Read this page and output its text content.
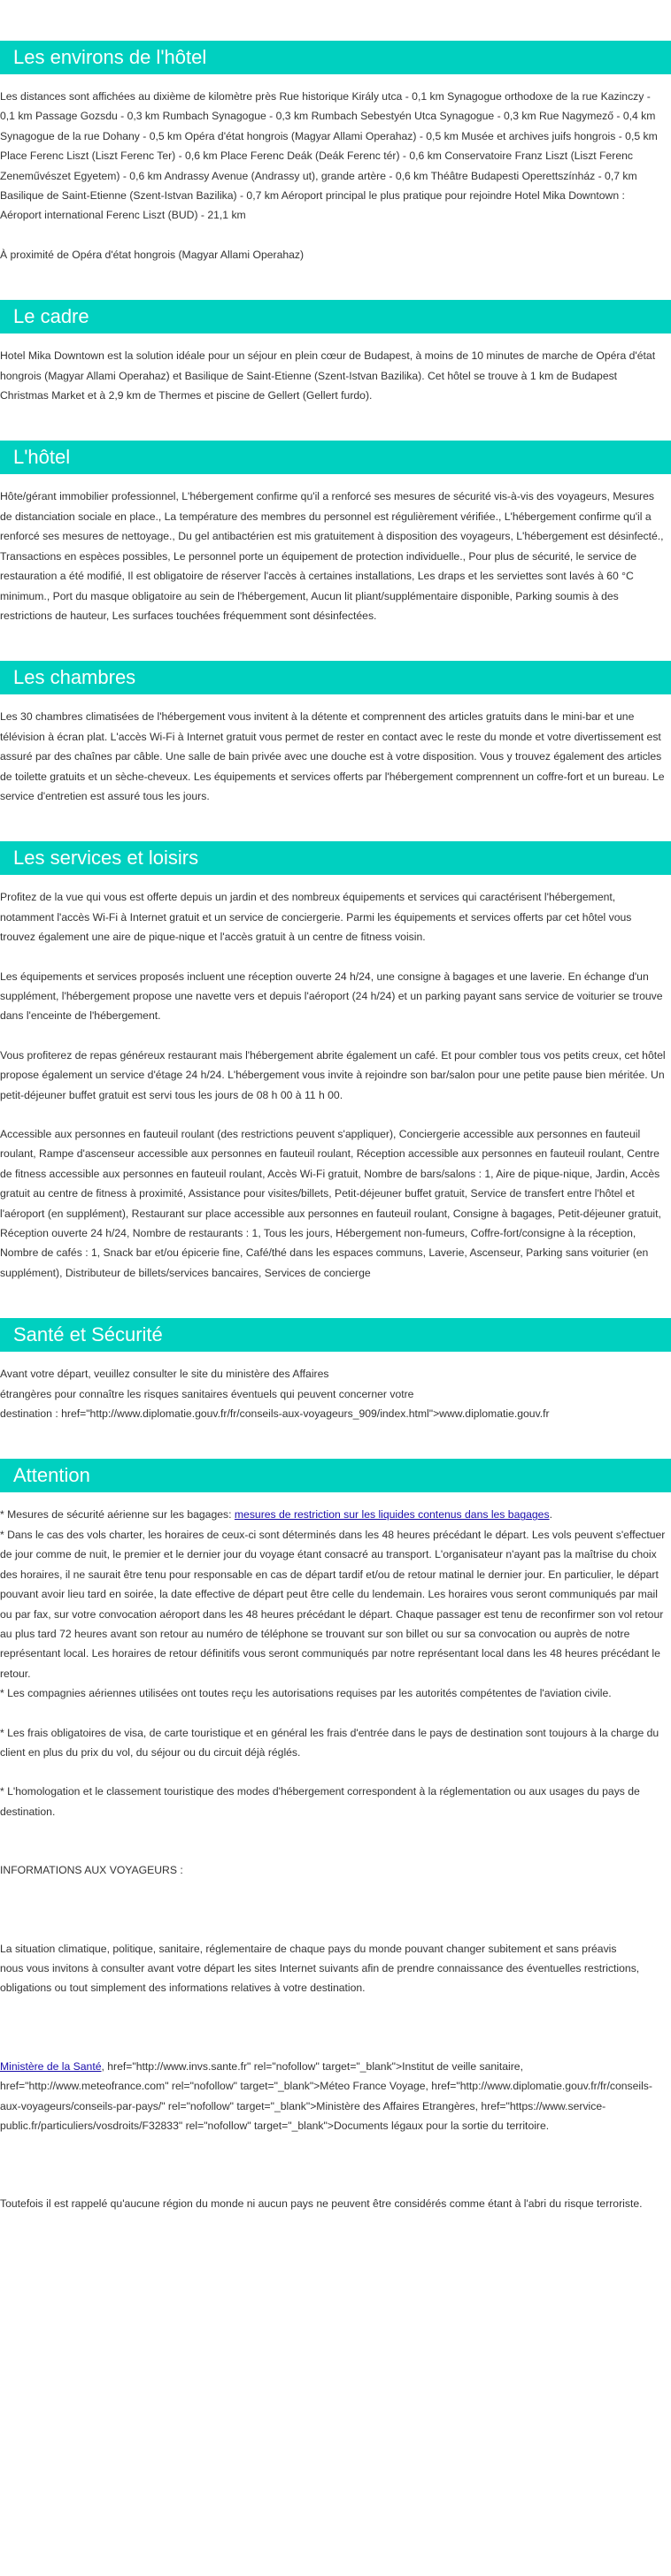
Les environs de l'hôtel

Les distances sont affichées au dixième de kilomètre près Rue historique Király utca - 0,1 km Synagogue orthodoxe de la rue Kazinczy - 0,1 km Passage Gozsdu - 0,3 km Rumbach Synagogue - 0,3 km Rumbach Sebestyén Utca Synagogue - 0,3 km Rue Nagymező - 0,4 km Synagogue de la rue Dohany - 0,5 km Opéra d'état hongrois (Magyar Allami Operahaz) - 0,5 km Musée et archives juifs hongrois - 0,5 km Place Ferenc Liszt (Liszt Ferenc Ter) - 0,6 km Place Ferenc Deák (Deák Ferenc tér) - 0,6 km Conservatoire Franz Liszt (Liszt Ferenc Zeneművészet Egyetem) - 0,6 km Andrassy Avenue (Andrassy ut), grande artère - 0,6 km Théâtre Budapesti Operettszínház - 0,7 km Basilique de Saint-Etienne (Szent-Istvan Bazilika) - 0,7 km Aéroport principal le plus pratique pour rejoindre Hotel Mika Downtown : Aéroport international Ferenc Liszt (BUD) - 21,1 km

À proximité de Opéra d'état hongrois (Magyar Allami Operahaz)

Le cadre

Hotel Mika Downtown est la solution idéale pour un séjour en plein cœur de Budapest, à moins de 10 minutes de marche de Opéra d'état hongrois (Magyar Allami Operahaz) et Basilique de Saint-Etienne (Szent-Istvan Bazilika). Cet hôtel se trouve à 1 km de Budapest Christmas Market et à 2,9 km de Thermes et piscine de Gellert (Gellert furdo).

L'hôtel

Hôte/gérant immobilier professionnel, L'hébergement confirme qu'il a renforcé ses mesures de sécurité vis-à-vis des voyageurs, Mesures de distanciation sociale en place., La température des membres du personnel est régulièrement vérifiée., L'hébergement confirme qu'il a renforcé ses mesures de nettoyage., Du gel antibactérien est mis gratuitement à disposition des voyageurs, L'hébergement est désinfecté., Transactions en espèces possibles, Le personnel porte un équipement de protection individuelle., Pour plus de sécurité, le service de restauration a été modifié, Il est obligatoire de réserver l'accès à certaines installations, Les draps et les serviettes sont lavés à 60 °C minimum., Port du masque obligatoire au sein de l'hébergement, Aucun lit pliant/supplémentaire disponible, Parking soumis à des restrictions de hauteur, Les surfaces touchées fréquemment sont désinfectées.

Les chambres

Les 30 chambres climatisées de l'hébergement vous invitent à la détente et comprennent des articles gratuits dans le mini-bar et une télévision à écran plat. L'accès Wi-Fi à Internet gratuit vous permet de rester en contact avec le reste du monde et votre divertissement est assuré par des chaînes par câble. Une salle de bain privée avec une douche est à votre disposition. Vous y trouvez également des articles de toilette gratuits et un sèche-cheveux. Les équipements et services offerts par l'hébergement comprennent un coffre-fort et un bureau. Le service d'entretien est assuré tous les jours.

Les services et loisirs

Profitez de la vue qui vous est offerte depuis un jardin et des nombreux équipements et services qui caractérisent l'hébergement, notamment l'accès Wi-Fi à Internet gratuit et un service de conciergerie. Parmi les équipements et services offerts par cet hôtel vous trouvez également une aire de pique-nique et l'accès gratuit à un centre de fitness voisin.

Les équipements et services proposés incluent une réception ouverte 24 h/24, une consigne à bagages et une laverie. En échange d'un supplément, l'hébergement propose une navette vers et depuis l'aéroport (24 h/24) et un parking payant sans service de voiturier se trouve dans l'enceinte de l'hébergement.

Vous profiterez de repas généreux restaurant mais l'hébergement abrite également un café. Et pour combler tous vos petits creux, cet hôtel propose également un service d'étage 24 h/24. L'hébergement vous invite à rejoindre son bar/salon pour une petite pause bien méritée. Un petit-déjeuner buffet gratuit est servi tous les jours de 08 h 00 à 11 h 00.

Accessible aux personnes en fauteuil roulant (des restrictions peuvent s'appliquer), Conciergerie accessible aux personnes en fauteuil roulant, Rampe d'ascenseur accessible aux personnes en fauteuil roulant, Réception accessible aux personnes en fauteuil roulant, Centre de fitness accessible aux personnes en fauteuil roulant, Accès Wi-Fi gratuit, Nombre de bars/salons : 1, Aire de pique-nique, Jardin, Accès gratuit au centre de fitness à proximité, Assistance pour visites/billets, Petit-déjeuner buffet gratuit, Service de transfert entre l'hôtel et l'aéroport (en supplément), Restaurant sur place accessible aux personnes en fauteuil roulant, Consigne à bagages, Petit-déjeuner gratuit, Réception ouverte 24 h/24, Nombre de restaurants : 1, Tous les jours, Hébergement non-fumeurs, Coffre-fort/consigne à la réception, Nombre de cafés : 1, Snack bar et/ou épicerie fine, Café/thé dans les espaces communs, Laverie, Ascenseur, Parking sans voiturier (en supplément), Distributeur de billets/services bancaires, Services de concierge

Santé et Sécurité

Avant votre départ, veuillez consulter le site du ministère des Affaires

étrangères pour connaître les risques sanitaires éventuels qui peuvent concerner votre

destination : href="http://www.diplomatie.gouv.fr/fr/conseils-aux-voyageurs_909/index.html">www.diplomatie.gouv.fr

Attention

* Mesures de sécurité aérienne sur les bagages: mesures de restriction sur les liquides contenus dans les bagages.

* Dans le cas des vols charter, les horaires de ceux-ci sont déterminés dans les 48 heures précédant le départ. Les vols peuvent s'effectuer de jour comme de nuit, le premier et le dernier jour du voyage étant consacré au transport. L'organisateur n'ayant pas la maîtrise du choix des horaires, il ne saurait être tenu pour responsable en cas de départ tardif et/ou de retour matinal le dernier jour. En particulier, le départ pouvant avoir lieu tard en soirée, la date effective de départ peut être celle du lendemain. Les horaires vous seront communiqués par mail ou par fax, sur votre convocation aéroport dans les 48 heures précédant le départ. Chaque passager est tenu de reconfirmer son vol retour au plus tard 72 heures avant son retour au numéro de téléphone se trouvant sur son billet ou sur sa convocation ou auprès de notre représentant local. Les horaires de retour définitifs vous seront communiqués par notre représentant local dans les 48 heures précédant le retour.

* Les compagnies aériennes utilisées ont toutes reçu les autorisations requises par les autorités compétentes de l'aviation civile.

* Les frais obligatoires de visa, de carte touristique et en général les frais d'entrée dans le pays de destination sont toujours à la charge du client en plus du prix du vol, du séjour ou du circuit déjà réglés.

* L'homologation et le classement touristique des modes d'hébergement correspondent à la réglementation ou aux usages du pays de destination.

INFORMATIONS AUX VOYAGEURS :

La situation climatique, politique, sanitaire, réglementaire de chaque pays du monde pouvant changer subitement et sans préavis

nous vous invitons à consulter avant votre départ les sites Internet suivants afin de prendre connaissance des éventuelles restrictions, obligations ou tout simplement des informations relatives à votre destination.

Ministère de la Santé, href="http://www.invs.sante.fr" rel="nofollow" target="_blank">Institut de veille sanitaire, href="http://www.meteofrance.com" rel="nofollow" target="_blank">Méteo France Voyage, href="http://www.diplomatie.gouv.fr/fr/conseils-aux-voyageurs/conseils-par-pays/" rel="nofollow" target="_blank">Ministère des Affaires Etrangères, href="https://www.service-public.fr/particuliers/vosdroits/F32833" rel="nofollow" target="_blank">Documents légaux pour la sortie du territoire.

Toutefois il est rappelé qu'aucune région du monde ni aucun pays ne peuvent être considérés comme étant à l'abri du risque terroriste.
